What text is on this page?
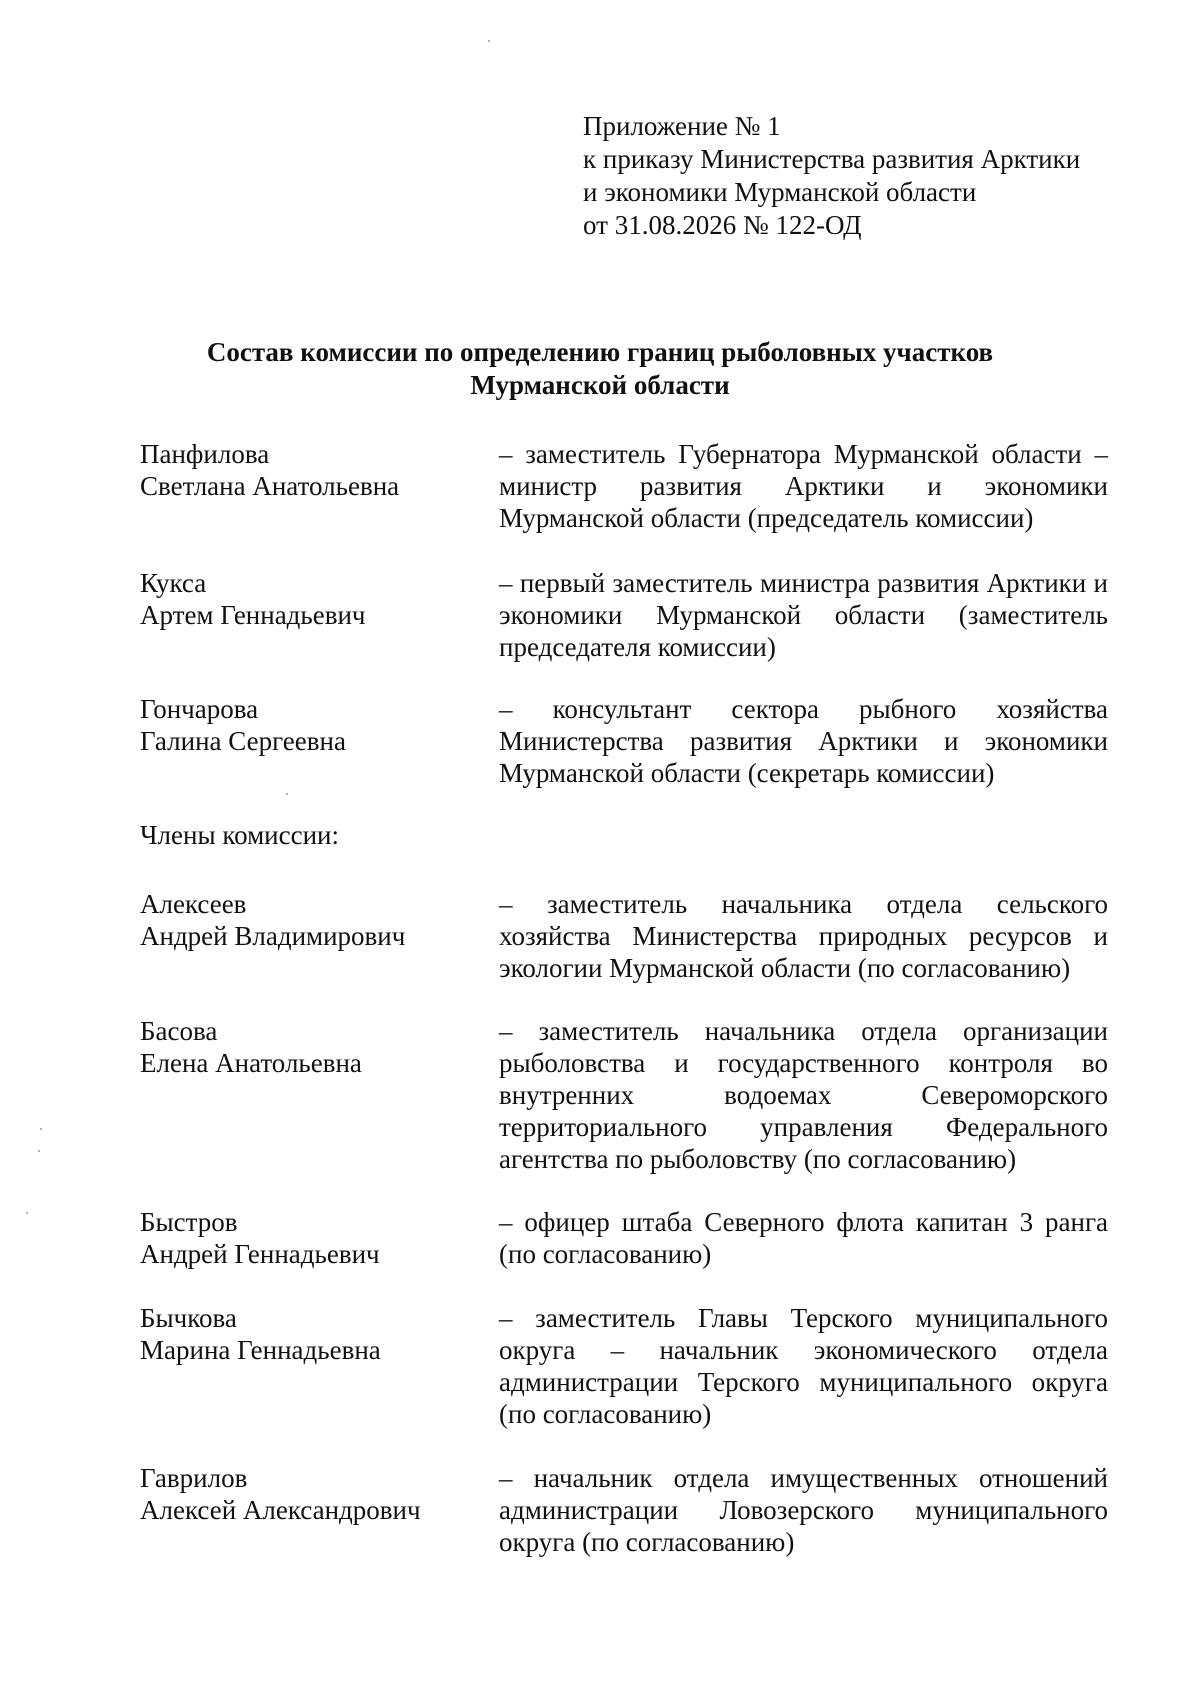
Приложение № 1
к приказу Министерства развития Арктики
и экономики Мурманской области
от 31.08.2026 № 122-ОД
Состав комиссии по определению границ рыболовных участков
Мурманской области
Панфилова
Светлана Анатольевна
– заместитель Губернатора Мурманской области – министр развития Арктики и экономики Мурманской области (председатель комиссии)
Кукса
Артем Геннадьевич
– первый заместитель министра развития Арктики и экономики Мурманской области (заместитель председателя комиссии)
Гончарова
Галина Сергеевна
– консультант сектора рыбного хозяйства Министерства развития Арктики и экономики Мурманской области (секретарь комиссии)
Члены комиссии:
Алексеев
Андрей Владимирович
– заместитель начальника отдела сельского хозяйства Министерства природных ресурсов и экологии Мурманской области (по согласованию)
Басова
Елена Анатольевна
– заместитель начальника отдела организации рыболовства и государственного контроля во внутренних водоемах Североморского территориального управления Федерального агентства по рыболовству (по согласованию)
Быстров
Андрей Геннадьевич
– офицер штаба Северного флота капитан 3 ранга (по согласованию)
Бычкова
Марина Геннадьевна
– заместитель Главы Терского муниципального округа – начальник экономического отдела администрации Терского муниципального округа (по согласованию)
Гаврилов
Алексей Александрович
– начальник отдела имущественных отношений администрации Ловозерского муниципального округа (по согласованию)
